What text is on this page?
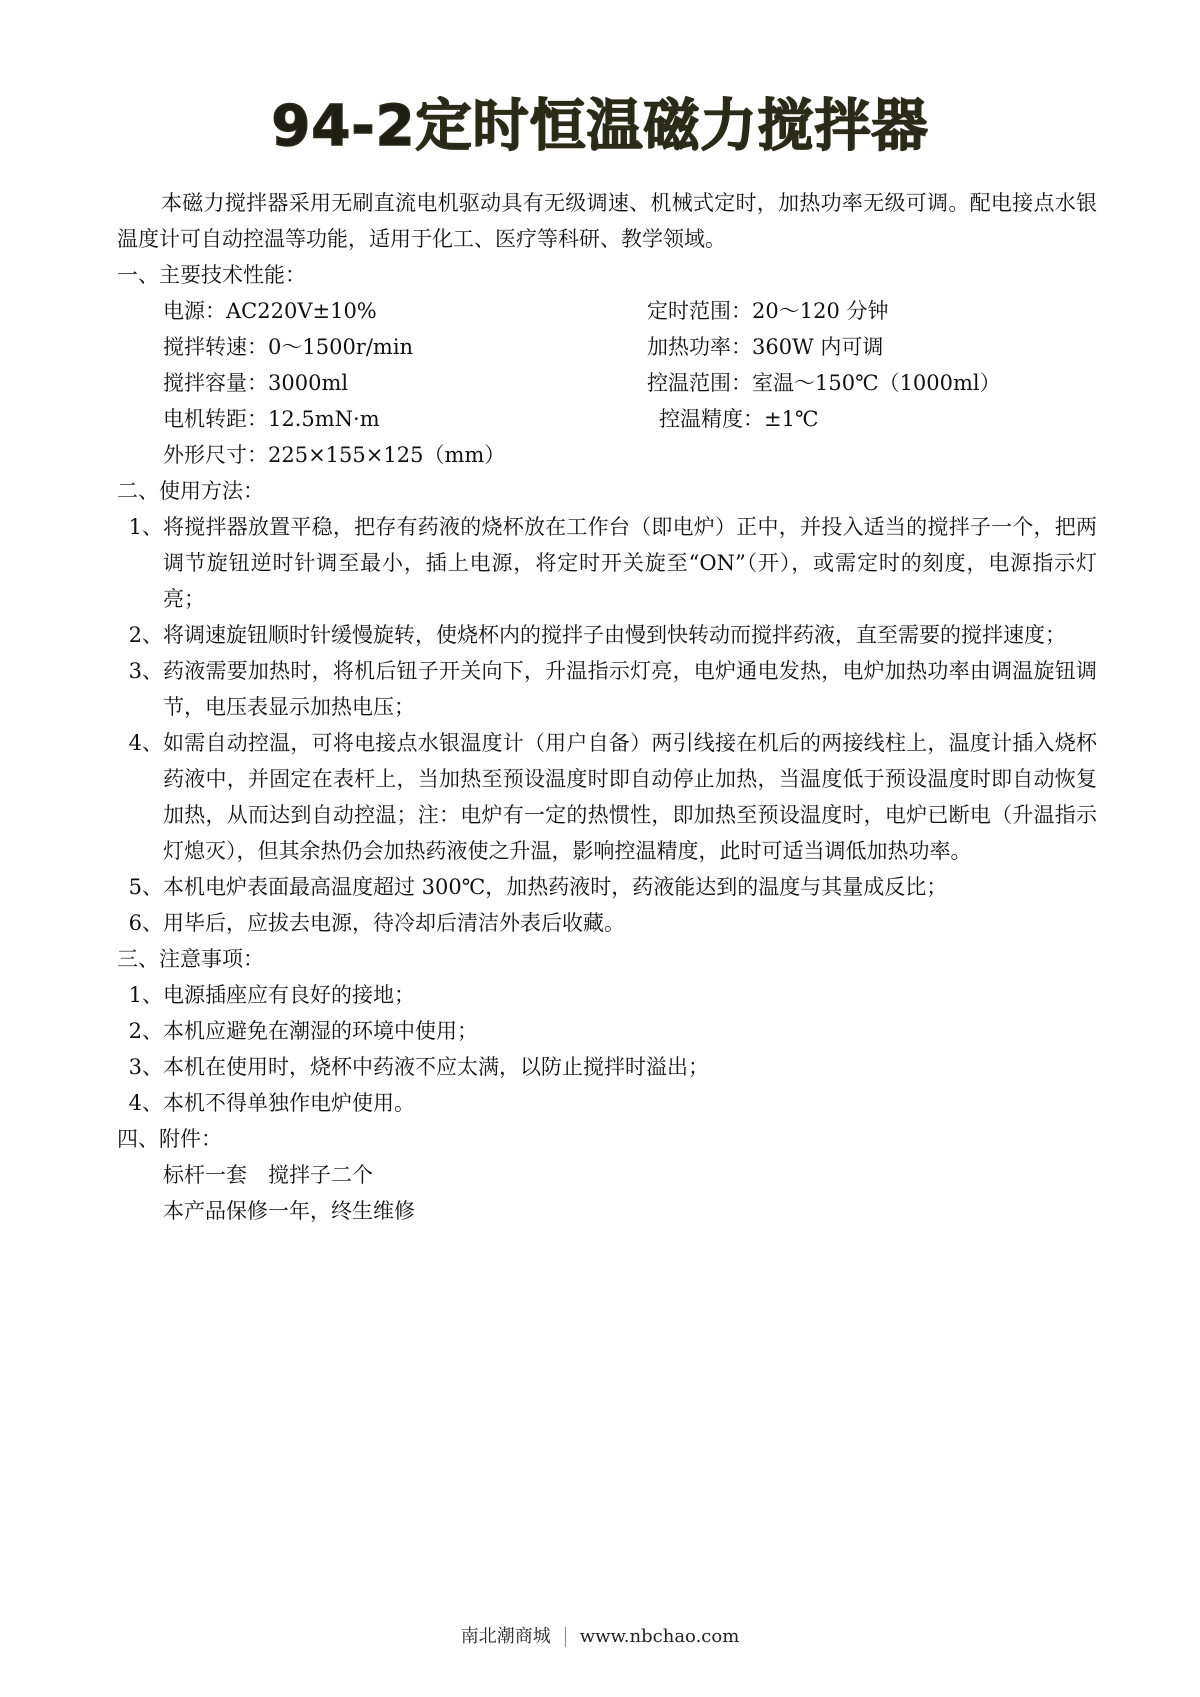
94-2定时恒温磁力搅拌器

本磁力搅拌器采用无刷直流电机驱动具有无级调速、机械式定时，加热功率无级可调。配电接点水银温度计可自动控温等功能，适用于化工、医疗等科研、教学领域。

一、主要技术性能：

电源：AC220V±10%	定时范围：20～120 分钟
搅拌转速：0～1500r/min	加热功率：360W 内可调
搅拌容量：3000ml	控温范围：室温～150℃（1000ml）
电机转距：12.5mN·m	控温精度：±1℃

外形尺寸：225×155×125（mm）

二、使用方法：

1、 将搅拌器放置平稳，把存有药液的烧杯放在工作台（即电炉）正中，并投入适当的搅拌子一个，把两调节旋钮逆时针调至最小，插上电源，将定时开关旋至“ON”（开），或需定时的刻度，电源指示灯亮；
2、 将调速旋钮顺时针缓慢旋转，使烧杯内的搅拌子由慢到快转动而搅拌药液，直至需要的搅拌速度；
3、 药液需要加热时，将机后钮子开关向下，升温指示灯亮，电炉通电发热，电炉加热功率由调温旋钮调节，电压表显示加热电压；
4、 如需自动控温，可将电接点水银温度计（用户自备）两引线接在机后的两接线柱上，温度计插入烧杯药液中，并固定在表杆上，当加热至预设温度时即自动停止加热，当温度低于预设温度时即自动恢复加热，从而达到自动控温；注：电炉有一定的热惯性，即加热至预设温度时，电炉已断电（升温指示灯熄灭），但其余热仍会加热药液使之升温，影响控温精度，此时可适当调低加热功率。
5、 本机电炉表面最高温度超过 300℃，加热药液时，药液能达到的温度与其量成反比；
6、 用毕后，应拔去电源，待冷却后清洁外表后收藏。

三、注意事项：

1、 电源插座应有良好的接地；
2、 本机应避免在潮湿的环境中使用；
3、 本机在使用时，烧杯中药液不应太满，以防止搅拌时溢出；
4、 本机不得单独作电炉使用。

四、附件：

标杆一套　搅拌子二个

本产品保修一年，终生维修

南北潮商城 www.nbchao.com
